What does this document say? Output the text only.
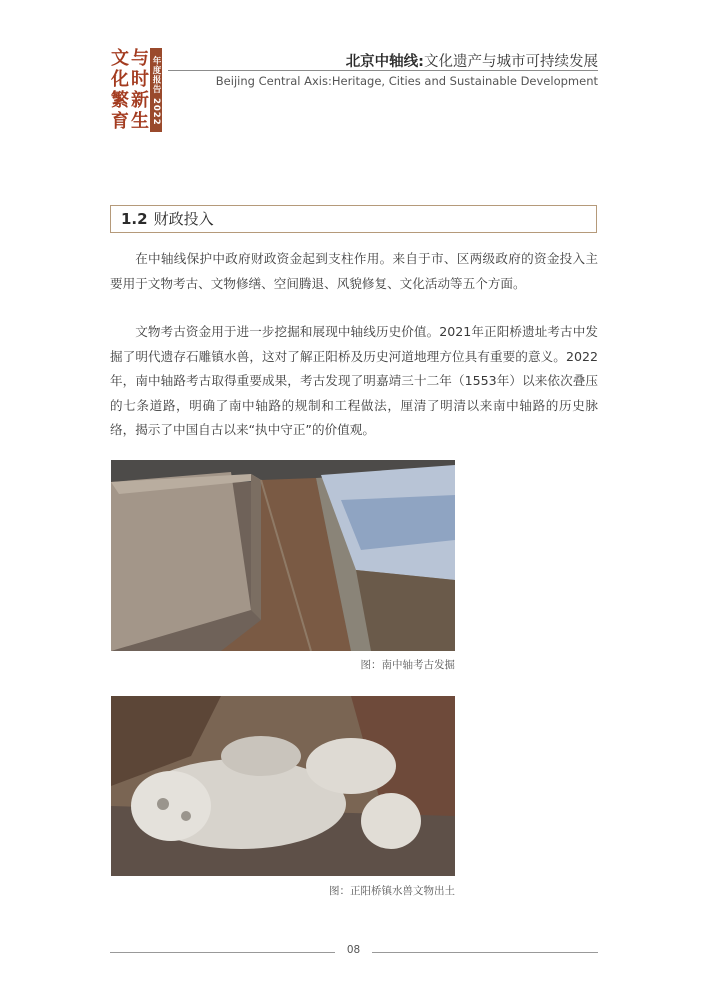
文 与
化 时
繁 新
育 生 年度报告 2022	北京中轴线:文化遗产与城市可持续发展
Beijing Central Axis:Heritage, Cities and Sustainable Development
1.2 财政投入

在中轴线保护中政府财政资金起到支柱作用。来自于市、区两级政府的资金投入主要用于文物考古、文物修缮、空间腾退、风貌修复、文化活动等五个方面。

文物考古资金用于进一步挖掘和展现中轴线历史价值。2021年正阳桥遗址考古中发掘了明代遗存石雕镇水兽，这对了解正阳桥及历史河道地理方位具有重要的意义。2022年，南中轴路考古取得重要成果，考古发现了明嘉靖三十二年（1553年）以来依次叠压的七条道路，明确了南中轴路的规制和工程做法，厘清了明清以来南中轴路的历史脉络，揭示了中国自古以来“执中守正”的价值观。

图：南中轴考古发掘
图：正阳桥镇水兽文物出土
08
